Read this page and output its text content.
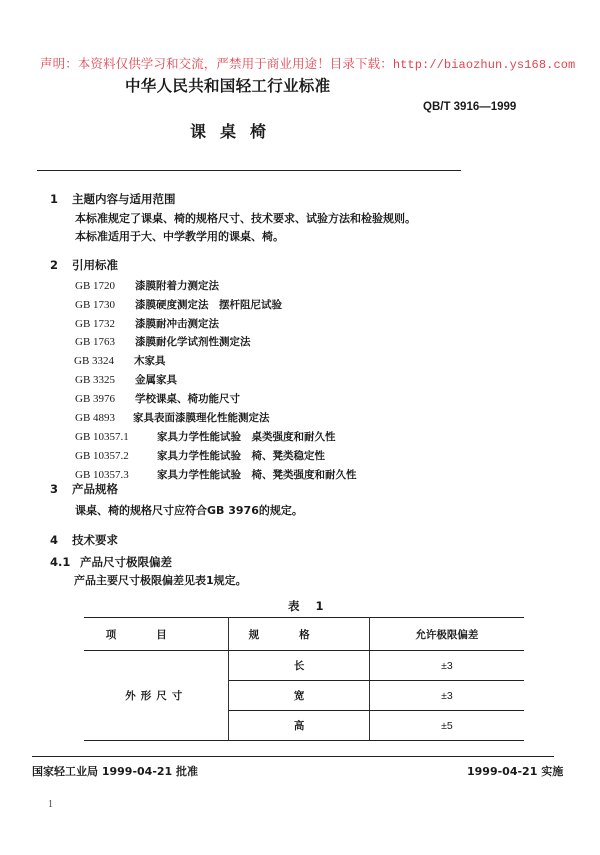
声明：本资料仅供学习和交流，严禁用于商业用途！目录下载：http://biaozhun.ys168.com
中华人民共和国轻工行业标准
QB/T 3916—1999
课桌椅
1 主题内容与适用范围
本标准规定了课桌、椅的规格尺寸、技术要求、试验方法和检验规则。
本标准适用于大、中学教学用的课桌、椅。
2 引用标准
GB 1720 漆膜附着力测定法
GB 1730 漆膜硬度测定法　摆杆阻尼试验
GB 1732 漆膜耐冲击测定法
GB 1763 漆膜耐化学试剂性测定法
GB 3324 木家具
GB 3325 金属家具
GB 3976 学校课桌、椅功能尺寸
GB 4893 家具表面漆膜理化性能测定法
GB 10357.1	家具力学性能试验　桌类强度和耐久性
GB 10357.2	家具力学性能试验　椅、凳类稳定性
GB 10357.3	家具力学性能试验　椅、凳类强度和耐久性
3 产品规格
课桌、椅的规格尺寸应符合GB 3976的规定。
4 技术要求
4.1 产品尺寸极限偏差
产品主要尺寸极限偏差见表1规定。
表 1
项目	规格	允许极限偏差
外形尺寸	长	±3
	宽	±3
	高	±5
国家轻工业局 1999-04-21 批准	1999-04-21 实施
1
